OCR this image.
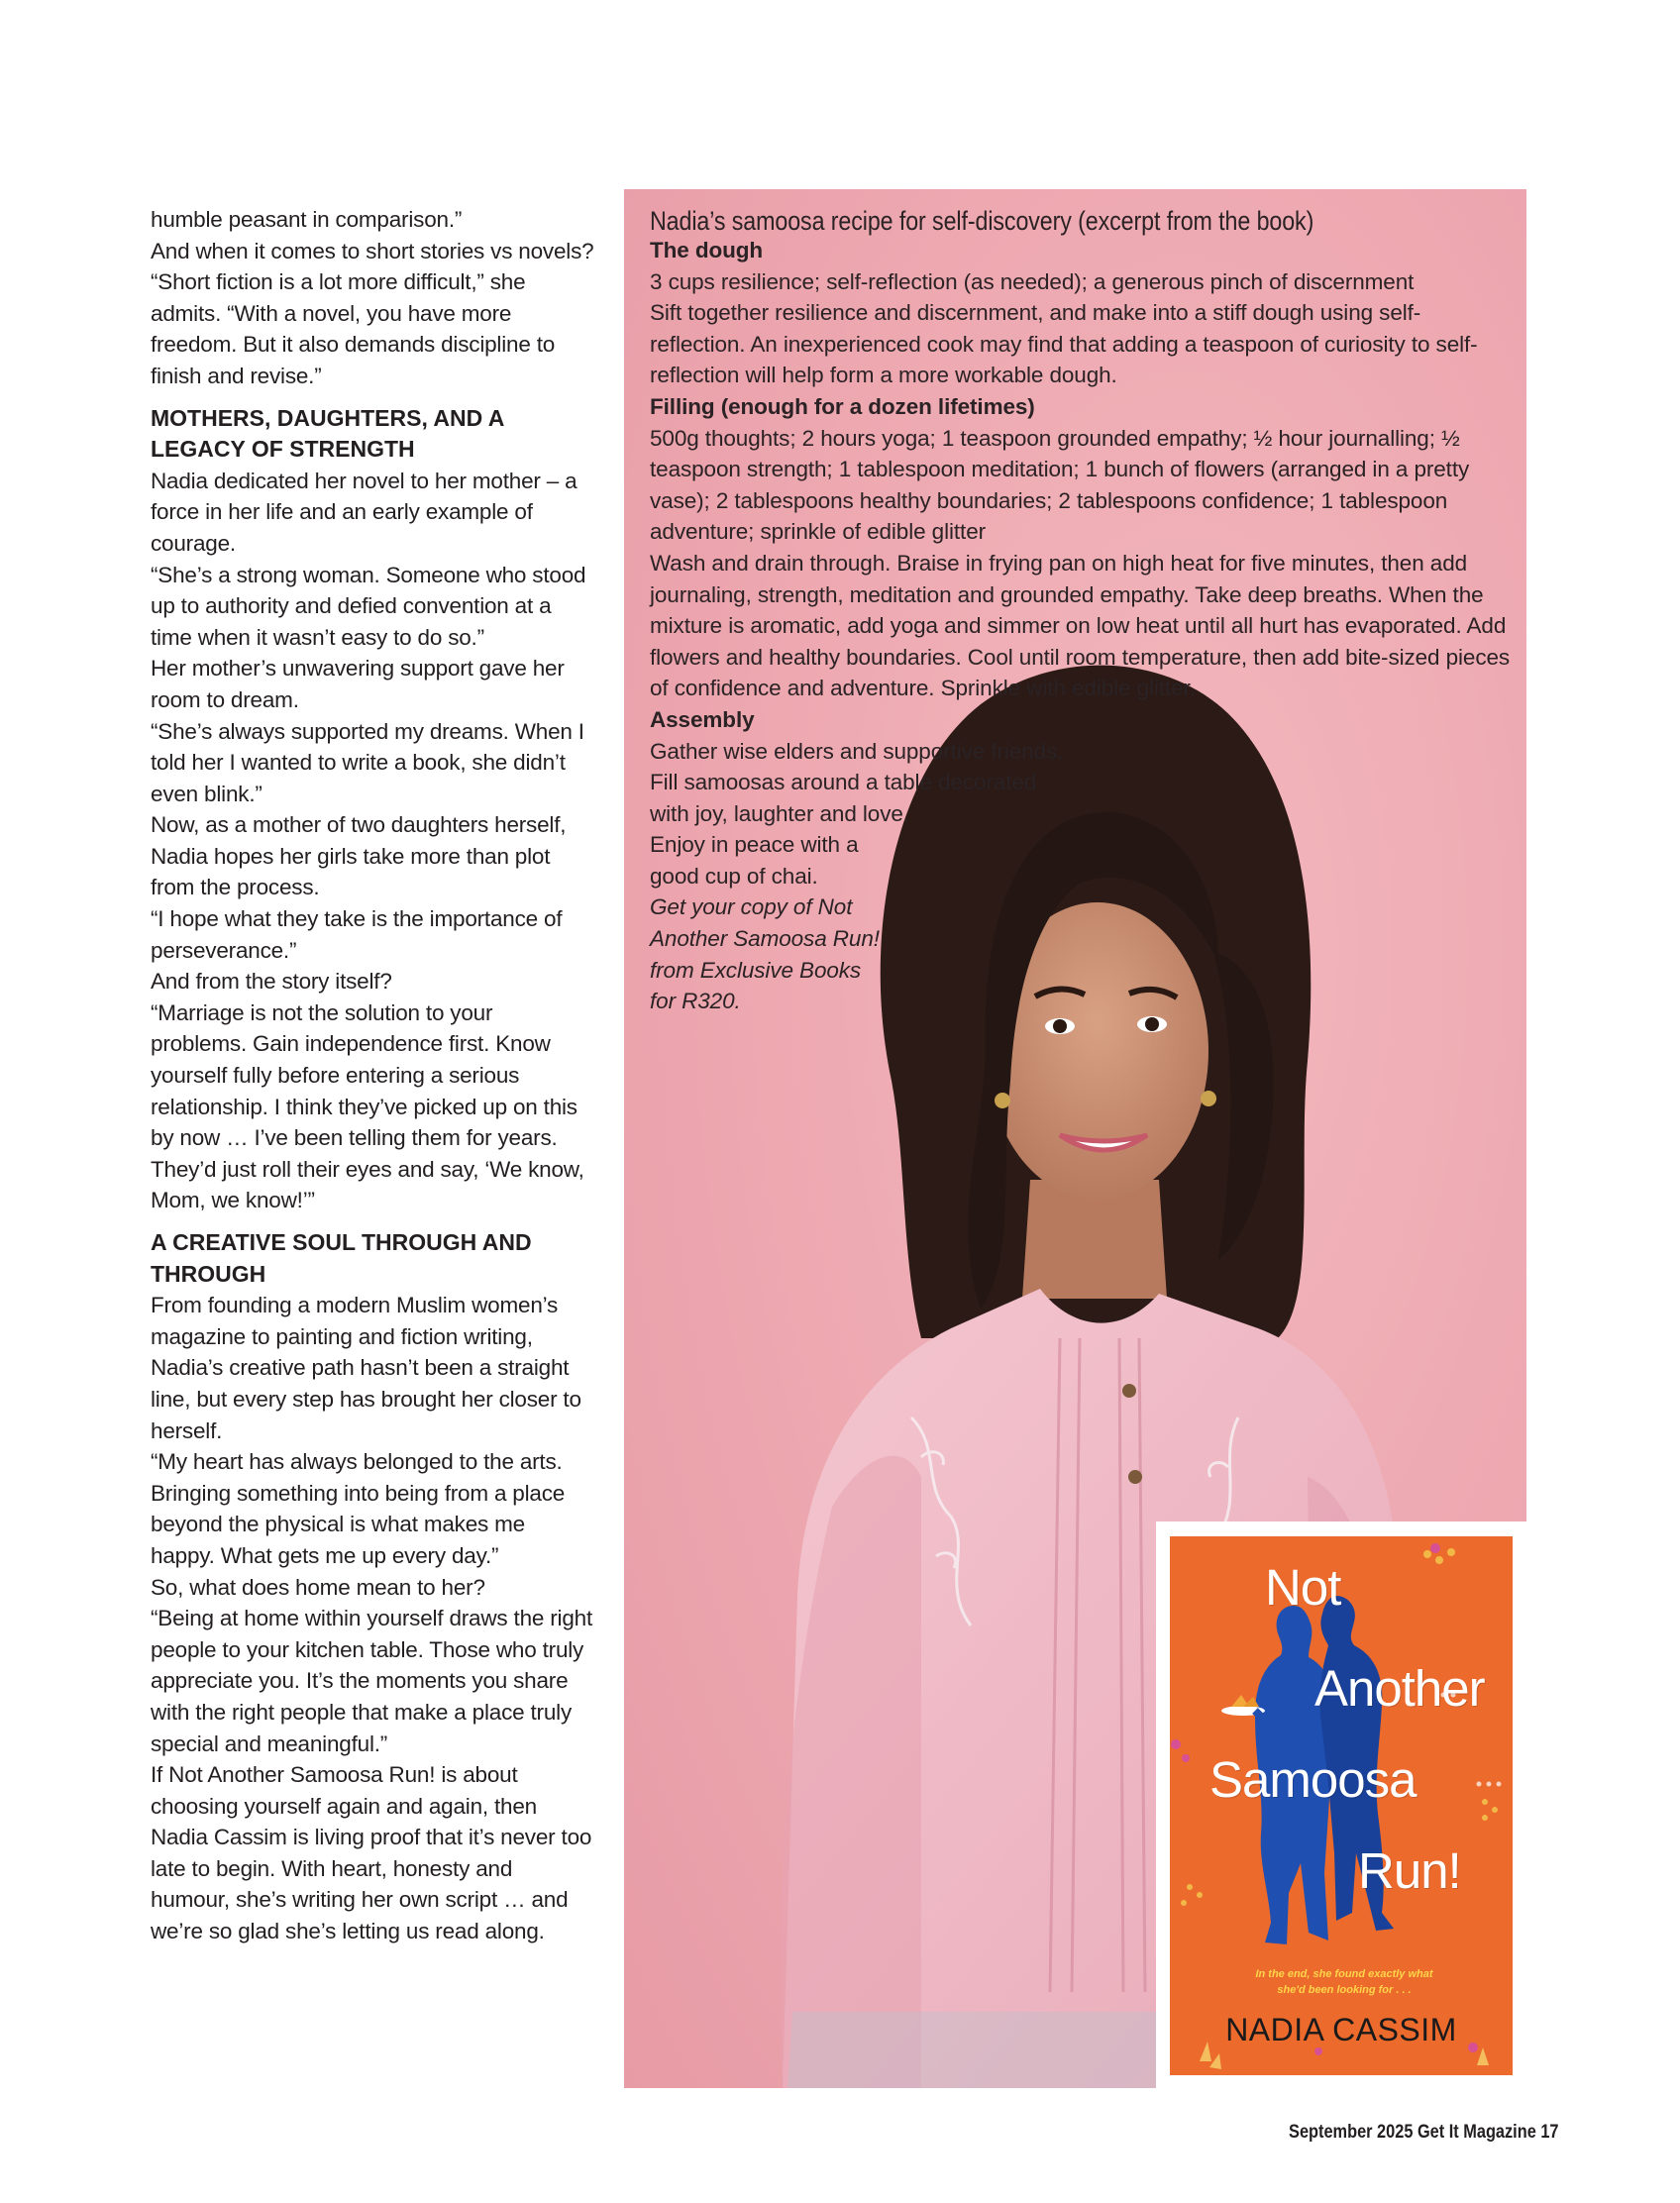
humble peasant in comparison.”

And when it comes to short stories vs novels? “Short fiction is a lot more difficult,” she admits. “With a novel, you have more freedom. But it also demands discipline to finish and revise.”

MOTHERS, DAUGHTERS, AND A LEGACY OF STRENGTH

Nadia dedicated her novel to her mother – a force in her life and an early example of courage.

“She’s a strong woman. Someone who stood up to authority and defied convention at a time when it wasn’t easy to do so.”

Her mother’s unwavering support gave her room to dream.

“She’s always supported my dreams. When I told her I wanted to write a book, she didn’t even blink.”

Now, as a mother of two daughters herself, Nadia hopes her girls take more than plot from the process.

“I hope what they take is the importance of perseverance.”

And from the story itself?

“Marriage is not the solution to your problems. Gain independence first. Know yourself fully before entering a serious relationship. I think they’ve picked up on this by now … I’ve been telling them for years. They’d just roll their eyes and say, ‘We know, Mom, we know!’”

A CREATIVE SOUL THROUGH AND THROUGH

From founding a modern Muslim women’s magazine to painting and fiction writing, Nadia’s creative path hasn’t been a straight line, but every step has brought her closer to herself.

“My heart has always belonged to the arts. Bringing something into being from a place beyond the physical is what makes me happy. What gets me up every day.”

So, what does home mean to her?

“Being at home within yourself draws the right people to your kitchen table. Those who truly appreciate you. It’s the moments you share with the right people that make a place truly special and meaningful.”

If Not Another Samoosa Run! is about choosing yourself again and again, then Nadia Cassim is living proof that it’s never too late to begin. With heart, honesty and humour, she’s writing her own script … and we’re so glad she’s letting us read along.

Nadia’s samoosa recipe for self-discovery (excerpt from the book)
The dough

3 cups resilience; self-reflection (as needed); a generous pinch of discernment

Sift together resilience and discernment, and make into a stiff dough using self-reflection. An inexperienced cook may find that adding a teaspoon of curiosity to self-reflection will help form a more workable dough.

Filling (enough for a dozen lifetimes)

500g thoughts; 2 hours yoga; 1 teaspoon grounded empathy; ½ hour journalling; ½ teaspoon strength; 1 tablespoon meditation; 1 bunch of flowers (arranged in a pretty vase); 2 tablespoons healthy boundaries; 2 tablespoons confidence; 1 tablespoon adventure; sprinkle of edible glitter

Wash and drain through. Braise in frying pan on high heat for five minutes, then add journaling, strength, meditation and grounded empathy. Take deep breaths. When the mixture is aromatic, add yoga and simmer on low heat until all hurt has evaporated. Add flowers and healthy boundaries. Cool until room temperature, then add bite-sized pieces of confidence and adventure. Sprinkle with edible glitter.

Assembly

Gather wise elders and supportive friends. Fill samoosas around a table decorated with joy, laughter and love.

Enjoy in peace with a good cup of chai.

Get your copy of Not Another Samoosa Run! from Exclusive Books for R320.

Not
Another
Samoosa
Run!
In the end, she found exactly what she'd been looking for . . .
NADIA CASSIM
September 2025 Get It Magazine 17
